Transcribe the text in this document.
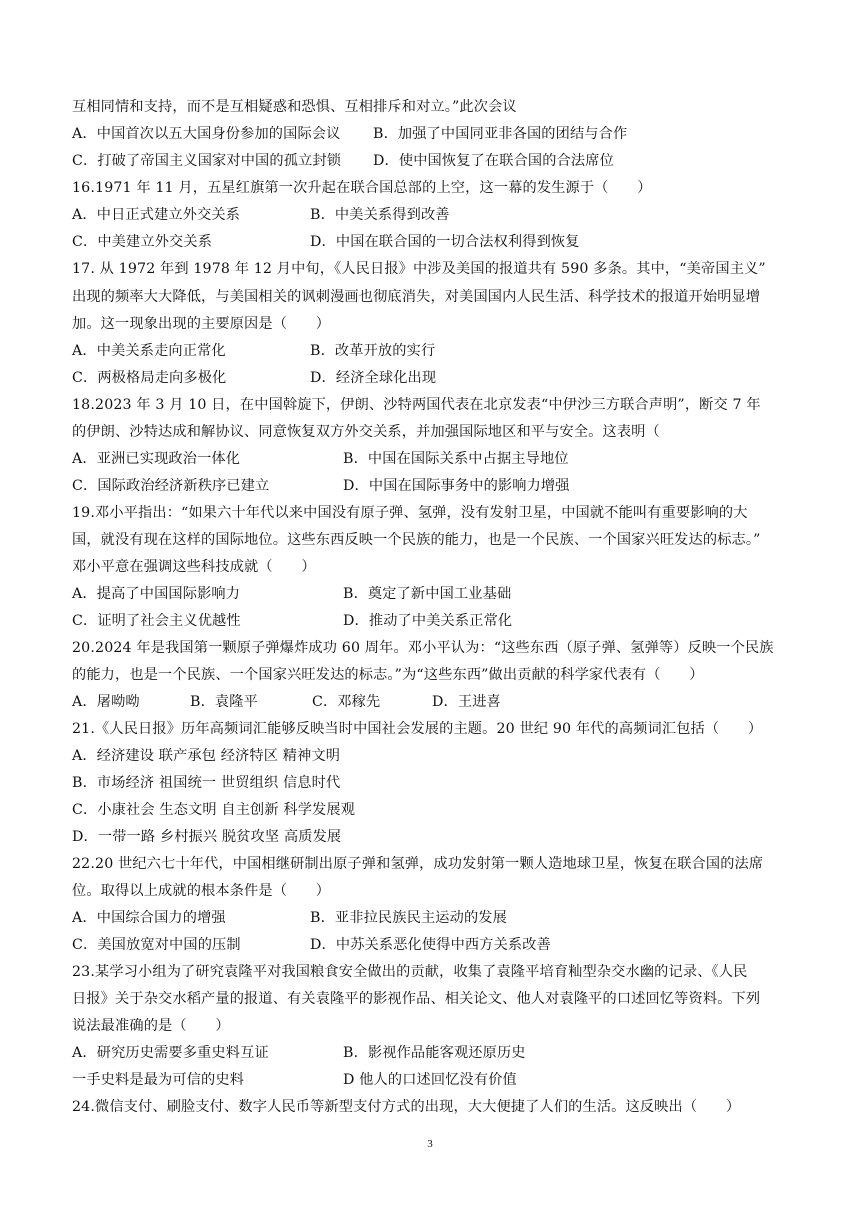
互相同情和支持，而不是互相疑惑和恐惧、互相排斥和对立。”此次会议
A．中国首次以五大国身份参加的国际会议 B．加强了中国同亚非各国的团结与合作
C．打破了帝国主义国家对中国的孤立封锁 D．使中国恢复了在联合国的合法席位
16.1971 年 11 月，五星红旗第一次升起在联合国总部的上空，这一幕的发生源于（　　）
A．中日正式建立外交关系	B．中美关系得到改善
C．中美建立外交关系	D．中国在联合国的一切合法权利得到恢复
17. 从 1972 年到 1978 年 12 月中旬，《人民日报》中涉及美国的报道共有 590 多条。其中，“美帝国主义”
出现的频率大大降低，与美国相关的讽刺漫画也彻底消失，对美国国内人民生活、科学技术的报道开始明显增
加。这一现象出现的主要原因是（　　）
A．中美关系走向正常化	B．改革开放的实行
C．两极格局走向多极化	D．经济全球化出现
18.2023 年 3 月 10 日，在中国斡旋下，伊朗、沙特两国代表在北京发表“中伊沙三方联合声明”，断交 7 年
的伊朗、沙特达成和解协议、同意恢复双方外交关系，并加强国际地区和平与安全。这表明（
A．亚洲已实现政治一体化	B．中国在国际关系中占据主导地位
C．国际政治经济新秩序已建立	D．中国在国际事务中的影响力增强
19.邓小平指出：“如果六十年代以来中国没有原子弹、氢弹，没有发射卫星，中国就不能叫有重要影响的大
国，就没有现在这样的国际地位。这些东西反映一个民族的能力，也是一个民族、一个国家兴旺发达的标志。”
邓小平意在强调这些科技成就（　　）
A．提高了中国国际影响力	B．奠定了新中国工业基础
C．证明了社会主义优越性	D．推动了中美关系正常化
20.2024 年是我国第一颗原子弹爆炸成功 60 周年。邓小平认为：“这些东西（原子弹、氢弹等）反映一个民族
的能力，也是一个民族、一个国家兴旺发达的标志。”为“这些东西”做出贡献的科学家代表有（　　）
A．屠呦呦	B．袁隆平	C．邓稼先	D．王进喜
21.《人民日报》历年高频词汇能够反映当时中国社会发展的主题。20 世纪 90 年代的高频词汇包括（　　）
A．经济建设 联产承包 经济特区 精神文明
B．市场经济 祖国统一 世贸组织 信息时代
C．小康社会 生态文明 自主创新 科学发展观
D．一带一路 乡村振兴 脱贫攻坚 高质发展
22.20 世纪六七十年代，中国相继研制出原子弹和氢弹，成功发射第一颗人造地球卫星，恢复在联合国的法席
位。取得以上成就的根本条件是（　　）
A．中国综合国力的增强	B．亚非拉民族民主运动的发展
C．美国放宽对中国的压制	D．中苏关系恶化使得中西方关系改善
23.某学习小组为了研究袁隆平对我国粮食安全做出的贡献，收集了袁隆平培育籼型杂交水幽的记录、《人民
日报》关于杂交水稻产量的报道、有关袁隆平的影视作品、相关论文、他人对袁隆平的口述回忆等资料。下列
说法最准确的是（　　）
A．研究历史需要多重史料互证	B．影视作品能客观还原历史
一手史料是最为可信的史料	D 他人的口述回忆没有价值
24.微信支付、刷脸支付、数字人民币等新型支付方式的出现，大大便捷了人们的生活。这反映出（　　）
3
